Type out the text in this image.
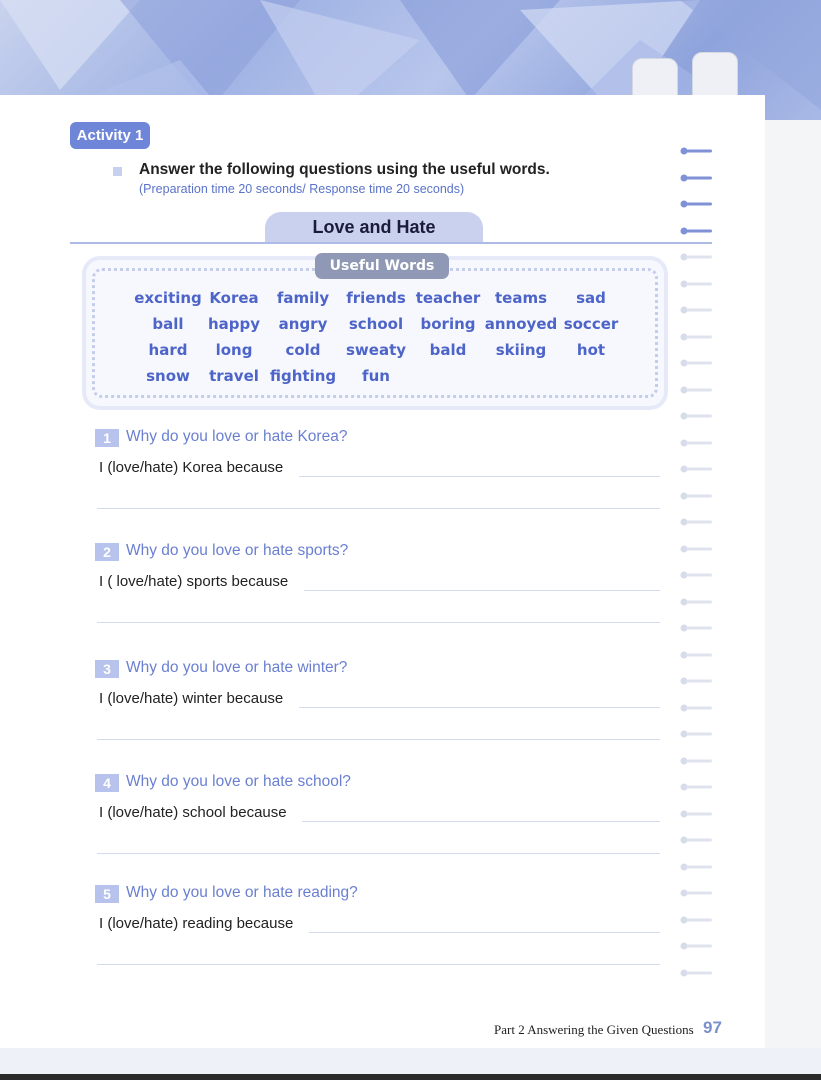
Activity 1
Answer the following questions using the useful words.
(Preparation time 20 seconds/ Response time 20 seconds)
Love and Hate
Useful Words
exciting Korea family friends teacher teams sad
ball happy angry school boring annoyed soccer
hard long cold sweaty bald skiing hot
snow travel fighting fun
1 Why do you love or hate Korea?
I (love/hate) Korea because
2 Why do you love or hate sports?
I ( love/hate) sports because
3 Why do you love or hate winter?
I (love/hate) winter because
4 Why do you love or hate school?
I (love/hate) school because
5 Why do you love or hate reading?
I (love/hate) reading because
Part 2 Answering the Given Questions 97
